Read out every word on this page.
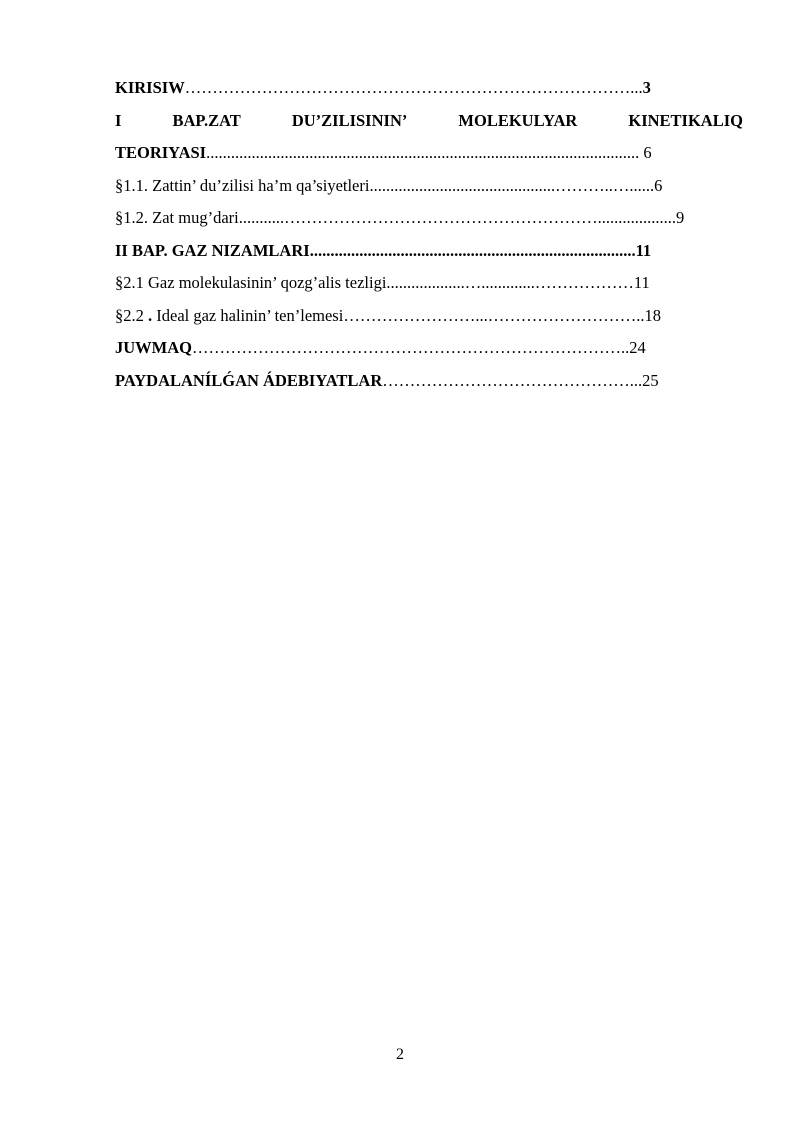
KIRISIW………………………………………………………………………...3
I	BAP.ZAT	DU’ZILISININ’	MOLEKULYAR	KINETIKALIQ
TEORIYASI......................................................................................................... 6
§1.1. Zattin’ du’zilisi ha’m qa’siyetleri.............................................………..…......6
§1.2. Zat mug’dari...........…………………………………………………...................9
II BAP. GAZ NIZAMLARI...............................................................................11
§2.1 Gaz molekulasinin’ qozg’alis tezligi...................….............………………11
§2.2 . Ideal gaz halinin’ ten’lemesi……………………...………………………..18
JUWMAQ……………………………………………………………………..24
PAYDALANÍLǴAN ÁDEBIYATLAR………………………………………...25
2
